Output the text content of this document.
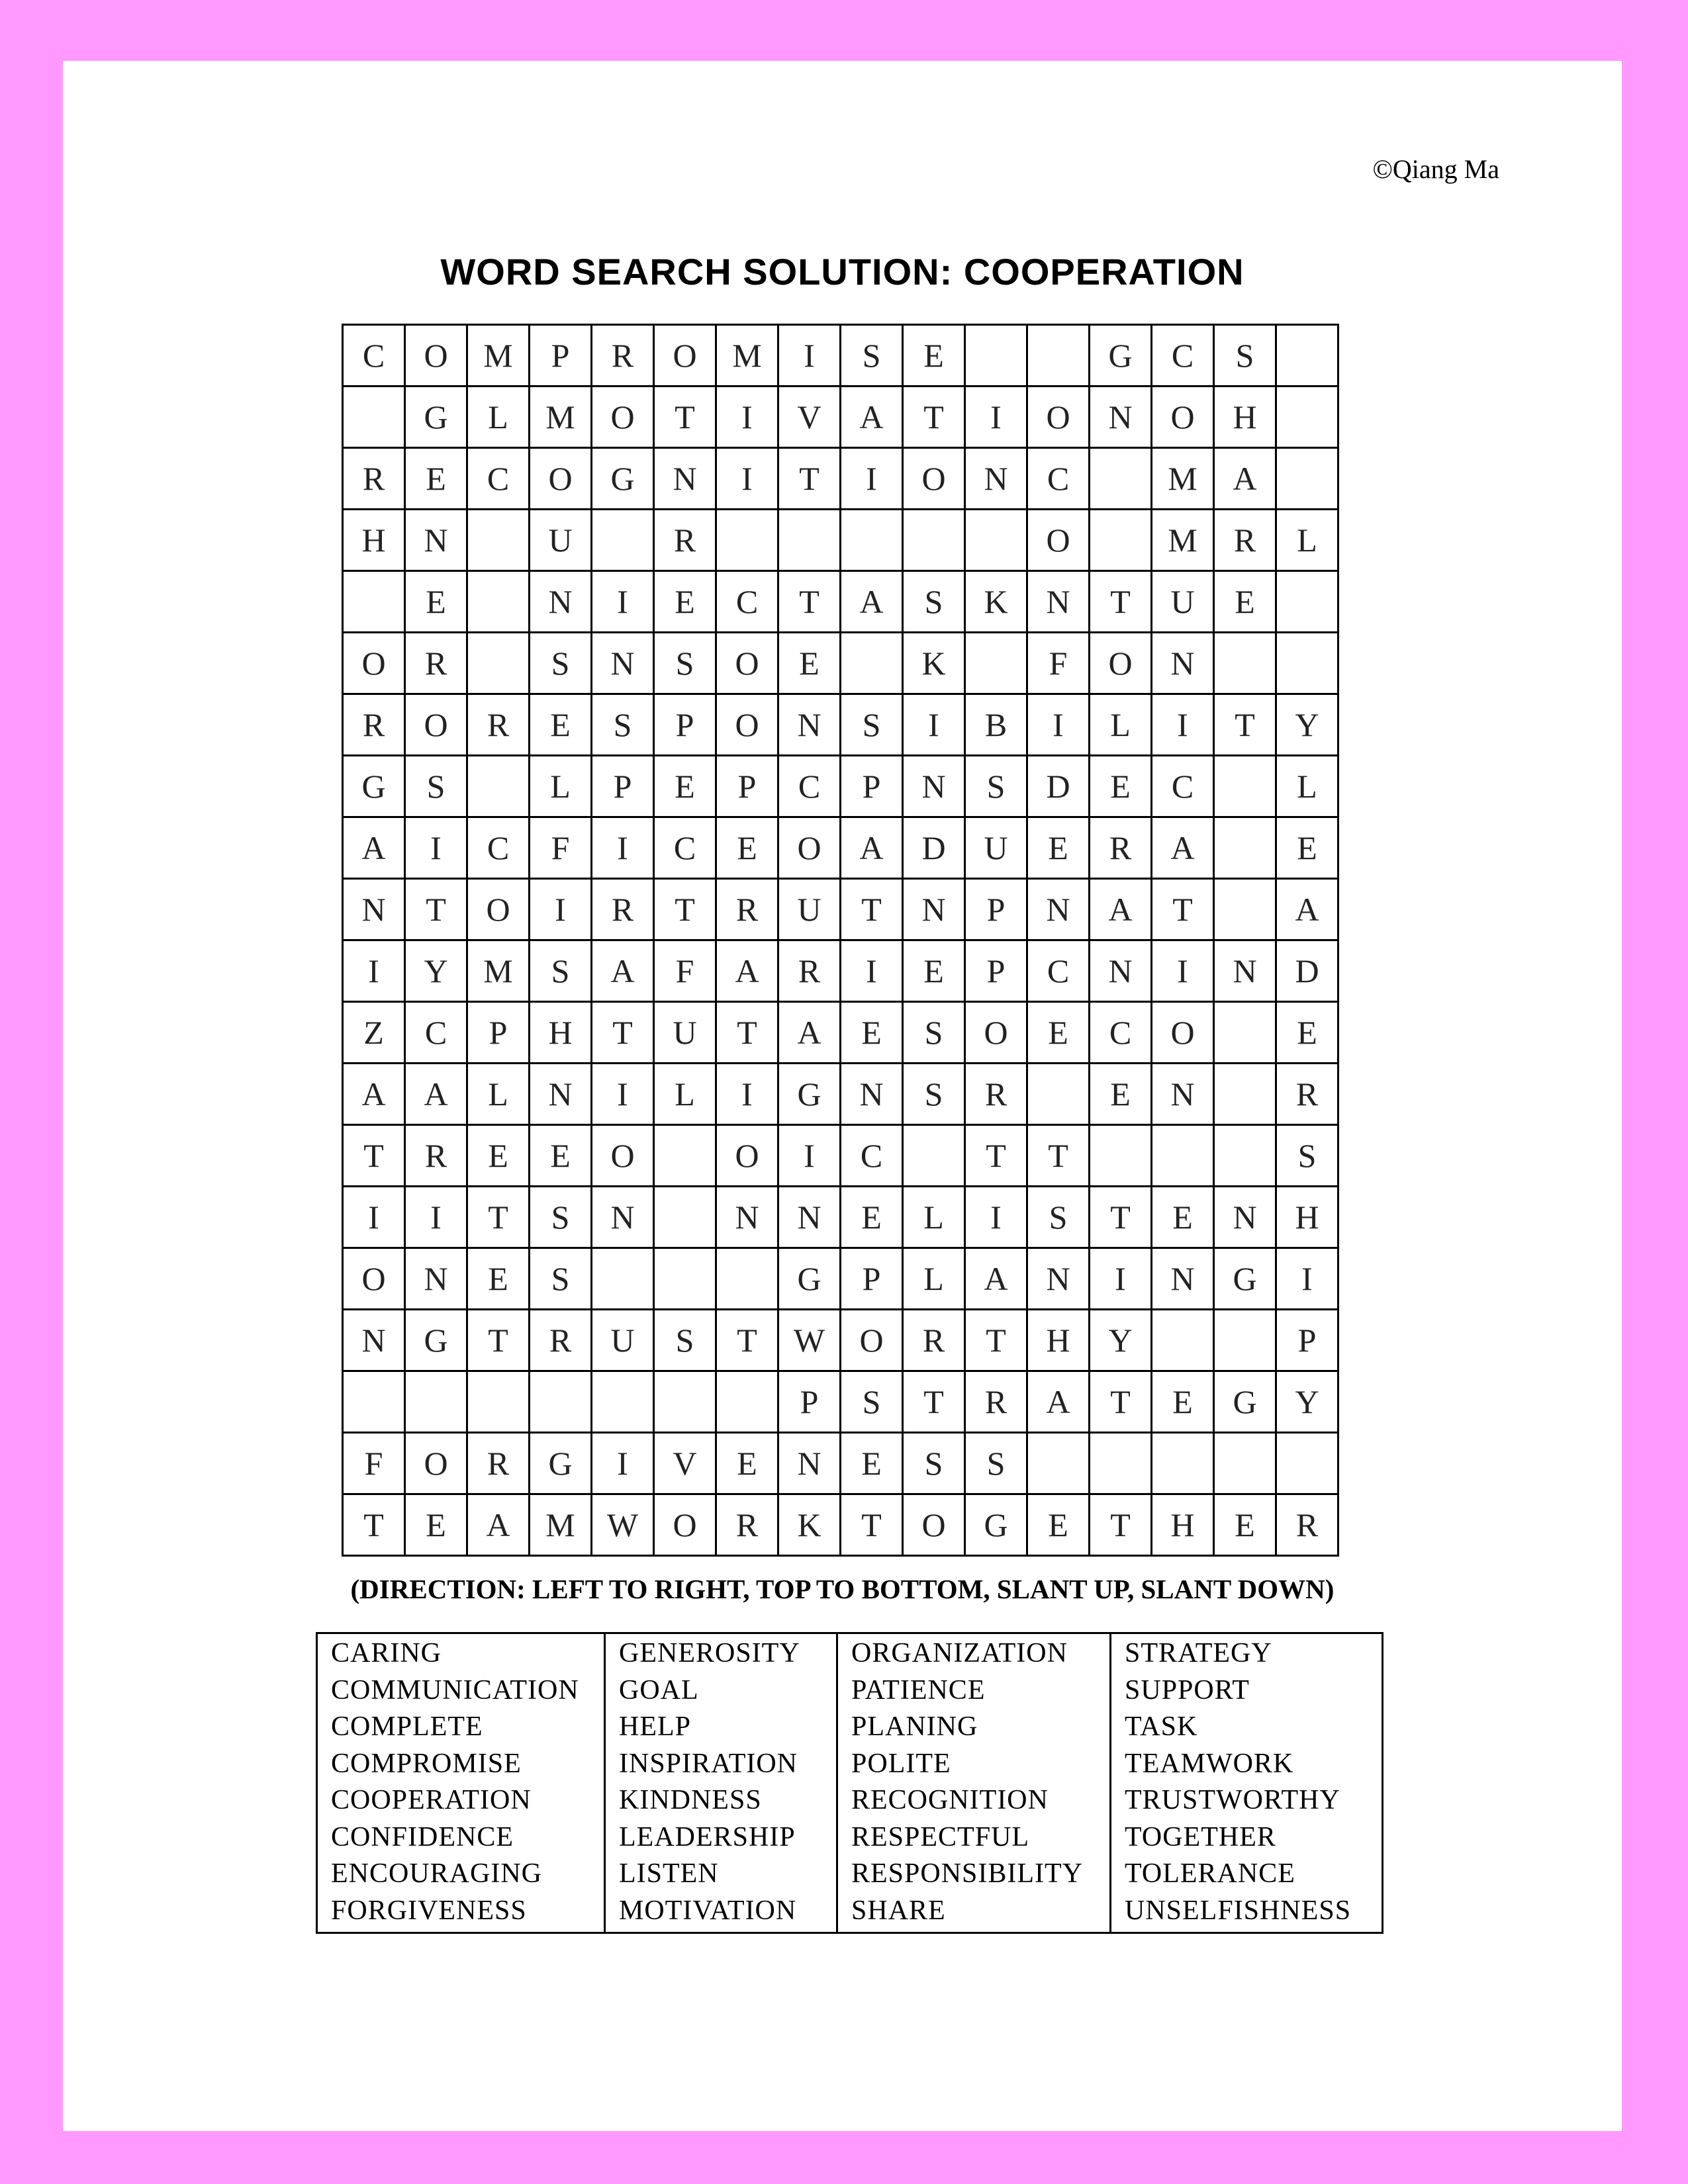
©Qiang Ma
WORD SEARCH SOLUTION: COOPERATION
C	O	M	P	R	O	M	I	S	E			G	C	S	
	G	L	M	O	T	I	V	A	T	I	O	N	O	H	
R	E	C	O	G	N	I	T	I	O	N	C		M	A	
H	N		U		R						O		M	R	L
	E		N	I	E	C	T	A	S	K	N	T	U	E	
O	R		S	N	S	O	E		K		F	O	N		
R	O	R	E	S	P	O	N	S	I	B	I	L	I	T	Y
G	S		L	P	E	P	C	P	N	S	D	E	C		L
A	I	C	F	I	C	E	O	A	D	U	E	R	A		E
N	T	O	I	R	T	R	U	T	N	P	N	A	T		A
I	Y	M	S	A	F	A	R	I	E	P	C	N	I	N	D
Z	C	P	H	T	U	T	A	E	S	O	E	C	O		E
A	A	L	N	I	L	I	G	N	S	R		E	N		R
T	R	E	E	O		O	I	C		T	T				S
I	I	T	S	N		N	N	E	L	I	S	T	E	N	H
O	N	E	S				G	P	L	A	N	I	N	G	I
N	G	T	R	U	S	T	W	O	R	T	H	Y			P
							P	S	T	R	A	T	E	G	Y
F	O	R	G	I	V	E	N	E	S	S					
T	E	A	M	W	O	R	K	T	O	G	E	T	H	E	R
(DIRECTION: LEFT TO RIGHT, TOP TO BOTTOM, SLANT UP, SLANT DOWN)
CARING
COMMUNICATION
COMPLETE
COMPROMISE
COOPERATION
CONFIDENCE
ENCOURAGING
FORGIVENESS

GENEROSITY
GOAL
HELP
INSPIRATION
KINDNESS
LEADERSHIP
LISTEN
MOTIVATION

ORGANIZATION
PATIENCE
PLANING
POLITE
RECOGNITION
RESPECTFUL
RESPONSIBILITY
SHARE

STRATEGY
SUPPORT
TASK
TEAMWORK
TRUSTWORTHY
TOGETHER
TOLERANCE
UNSELFISHNESS
